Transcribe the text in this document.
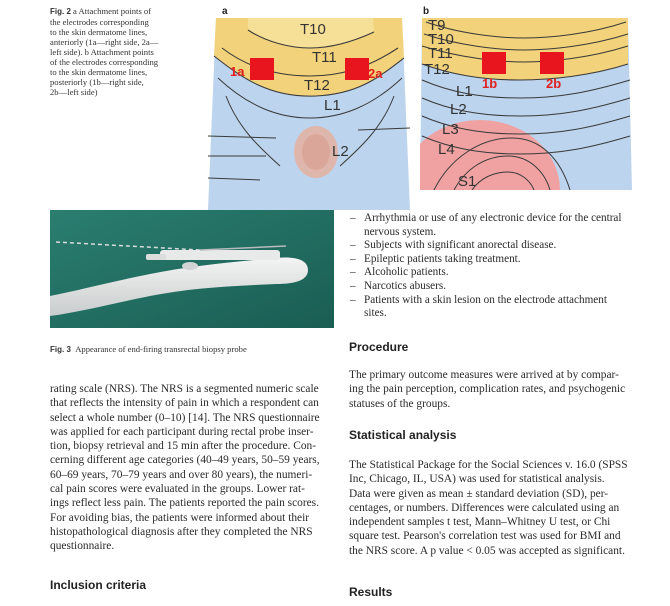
Fig. 2 a Attachment points of
the electrodes corresponding
to the skin dermatome lines,
anteriorly (1a—right side, 2a—
left side). b Attachment points
of the electrodes corresponding
to the skin dermatome lines,
posteriorly (1b—right side,
2b—left side)
a	b
T10
T11
T12
L1
L2
1a	2a
T9
T10
T11
T12
L1
L2
L3
L4
S1
1b	2b
Fig. 3 Appearance of end-firing transrectal biopsy probe
rating scale (NRS). The NRS is a segmented numeric scale
that reflects the intensity of pain in which a respondent can
select a whole number (0–10) [14]. The NRS questionnaire
was applied for each participant during rectal probe inser-
tion, biopsy retrieval and 15 min after the procedure. Con-
cerning different age categories (40–49 years, 50–59 years,
60–69 years, 70–79 years and over 80 years), the numeri-
cal pain scores were evaluated in the groups. Lower rat-
ings reflect less pain. The patients reported the pain scores.
For avoiding bias, the patients were informed about their
histopathological diagnosis after they completed the NRS
questionnaire.
Inclusion criteria
– Arrhythmia or use of any electronic device for the central
nervous system.
– Subjects with significant anorectal disease.
– Epileptic patients taking treatment.
– Alcoholic patients.
– Narcotics abusers.
– Patients with a skin lesion on the electrode attachment
sites.
Procedure
The primary outcome measures were arrived at by compar-
ing the pain perception, complication rates, and psychogenic
statuses of the groups.
Statistical analysis
The Statistical Package for the Social Sciences v. 16.0 (SPSS
Inc, Chicago, IL, USA) was used for statistical analysis.
Data were given as mean ± standard deviation (SD), per-
centages, or numbers. Differences were calculated using an
independent samples t test, Mann–Whitney U test, or Chi
square test. Pearson's correlation test was used for BMI and
the NRS score. A p value < 0.05 was accepted as significant.
Results
